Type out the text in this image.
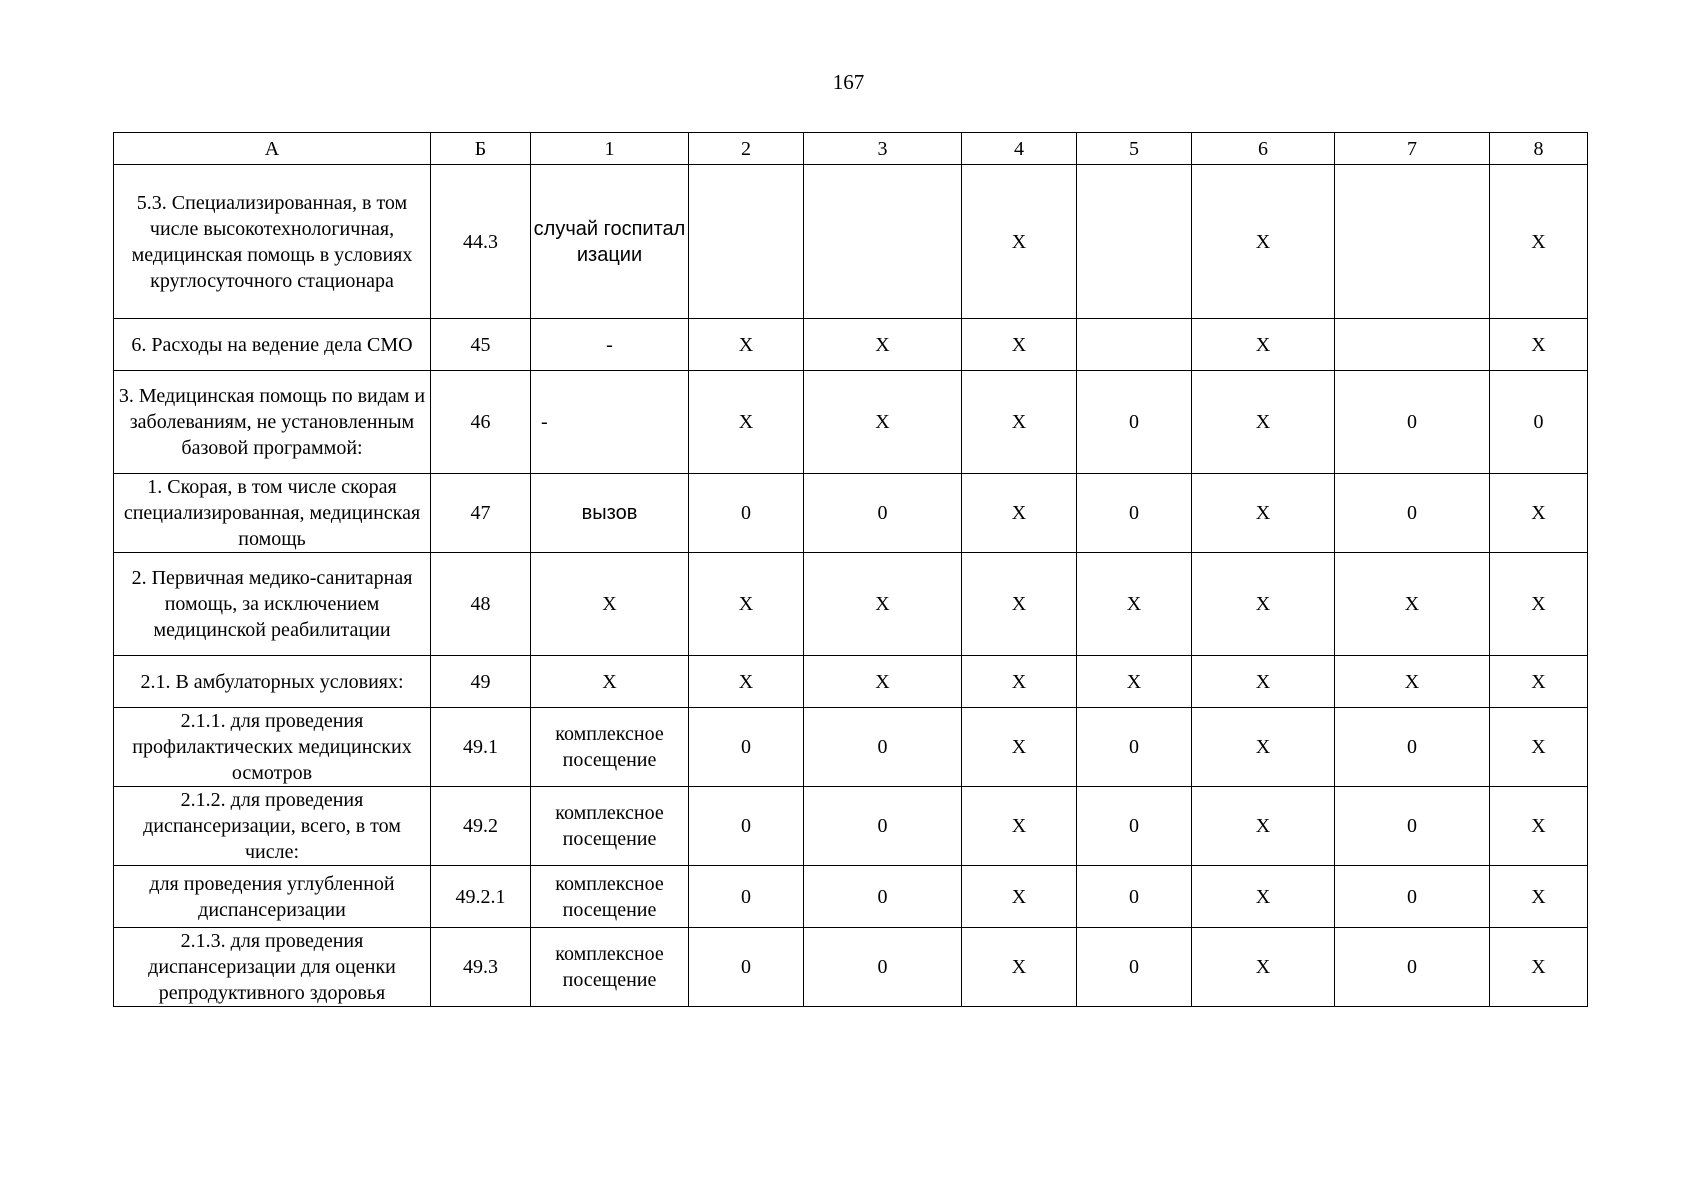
167
А	Б	1	2	3	4	5	6	7	8
5.3. Специализированная, в том числе высокотехнологичная, медицинская помощь в условиях круглосуточного стационара	44.3	случай госпитализации			Х		Х		Х
6. Расходы на ведение дела СМО	45	-	Х	Х	Х		Х		Х
3. Медицинская помощь по видам и заболеваниям, не установленным базовой программой:	46	-	Х	Х	Х	0	Х	0	0
1. Скорая, в том числе скорая специализированная, медицинская помощь	47	вызов	0	0	Х	0	Х	0	Х
2. Первичная медико-санитарная помощь, за исключением медицинской реабилитации	48	Х	Х	Х	Х	Х	Х	Х	Х
2.1. В амбулаторных условиях:	49	Х	Х	Х	Х	Х	Х	Х	Х
2.1.1. для проведения профилактических медицинских осмотров	49.1	комплексное посещение	0	0	Х	0	Х	0	Х
2.1.2. для проведения диспансеризации, всего, в том числе:	49.2	комплексное посещение	0	0	Х	0	Х	0	Х
для проведения углубленной диспансеризации	49.2.1	комплексное посещение	0	0	Х	0	Х	0	Х
2.1.3. для проведения диспансеризации для оценки репродуктивного здоровья	49.3	комплексное посещение	0	0	Х	0	Х	0	Х
